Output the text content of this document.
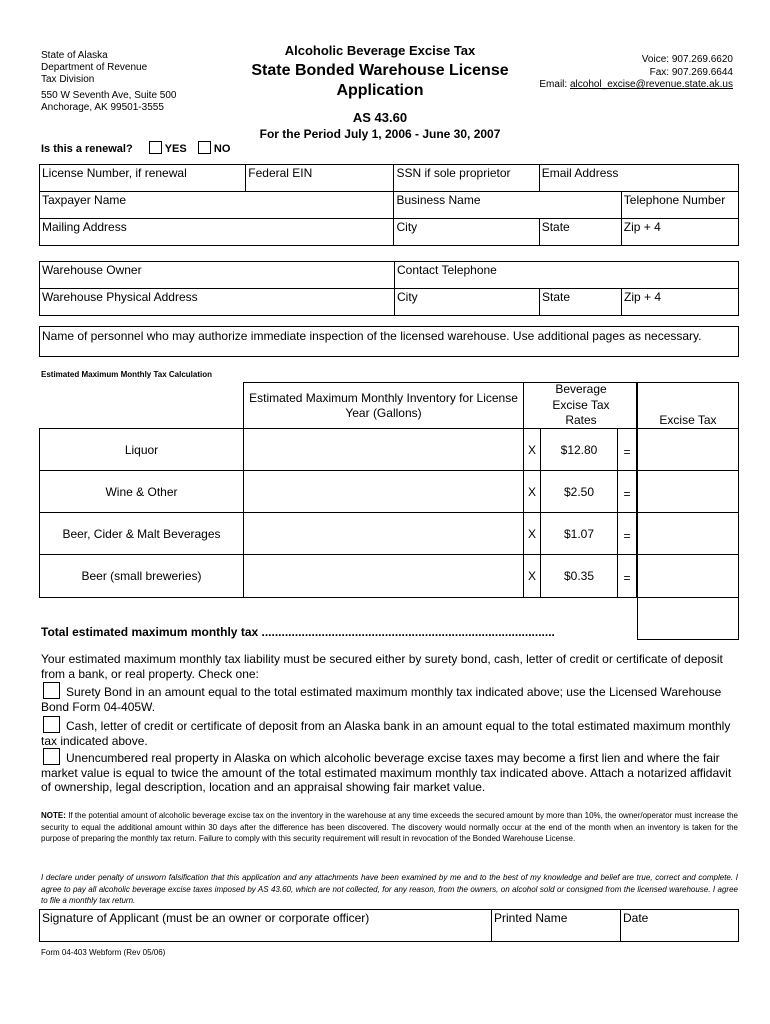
State of Alaska
Department of Revenue
Tax Division
550 W Seventh Ave, Suite 500
Anchorage, AK 99501-3555
Alcoholic Beverage Excise Tax
State Bonded Warehouse License
Application
AS 43.60
For the Period July 1, 2006 - June 30, 2007
Voice: 907.269.6620
Fax: 907.269.6644
Email: alcohol_excise@revenue.state.ak.us
Is this a renewal?	YES NO
License Number, if renewal	Federal EIN	SSN if sole proprietor	Email Address	
Taxpayer Name		Business Name		Telephone Number
Mailing Address		City	State	Zip + 4
Warehouse Owner	Contact Telephone		
Warehouse Physical Address	City	State	Zip + 4
Name of personnel who may authorize immediate inspection of the licensed warehouse. Use additional pages as necessary.
Estimated Maximum Monthly Tax Calculation
Estimated Maximum Monthly Inventory for License Year (Gallons)
Beverage Excise Tax Rates
Liquor	X	$12.80	=
Wine & Other	X	$2.50	=
Beer, Cider & Malt Beverages	X	$1.07	=
Beer (small breweries)	X	$0.35	=
Excise Tax
Total estimated maximum monthly tax ........................................................................................
Your estimated maximum monthly tax liability must be secured either by surety bond, cash, letter of credit or certificate of deposit from a bank, or real property. Check one:
Surety Bond in an amount equal to the total estimated maximum monthly tax indicated above; use the Licensed Warehouse Bond Form 04-405W.
Cash, letter of credit or certificate of deposit from an Alaska bank in an amount equal to the total estimated maximum monthly tax indicated above.
Unencumbered real property in Alaska on which alcoholic beverage excise taxes may become a first lien and where the fair market value is equal to twice the amount of the total estimated maximum monthly tax indicated above. Attach a notarized affidavit of ownership, legal description, location and an appraisal showing fair market value.
NOTE: If the potential amount of alcoholic beverage excise tax on the inventory in the warehouse at any time exceeds the secured amount by more than 10%, the owner/operator must increase the security to equal the additional amount within 30 days after the difference has been discovered. The discovery would normally occur at the end of the month when an inventory is taken for the purpose of preparing the monthly tax return. Failure to comply with this security requirement will result in revocation of the Bonded Warehouse License.
I declare under penalty of unsworn falsification that this application and any attachments have been examined by me and to the best of my knowledge and belief are true, correct and complete. I agree to pay all alcoholic beverage excise taxes imposed by AS 43.60, which are not collected, for any reason, from the owners, on alcohol sold or consigned from the licensed warehouse. I agree to file a monthly tax return.
Signature of Applicant (must be an owner or corporate officer)	Printed Name	Date
Form 04-403 Webform (Rev 05/06)
